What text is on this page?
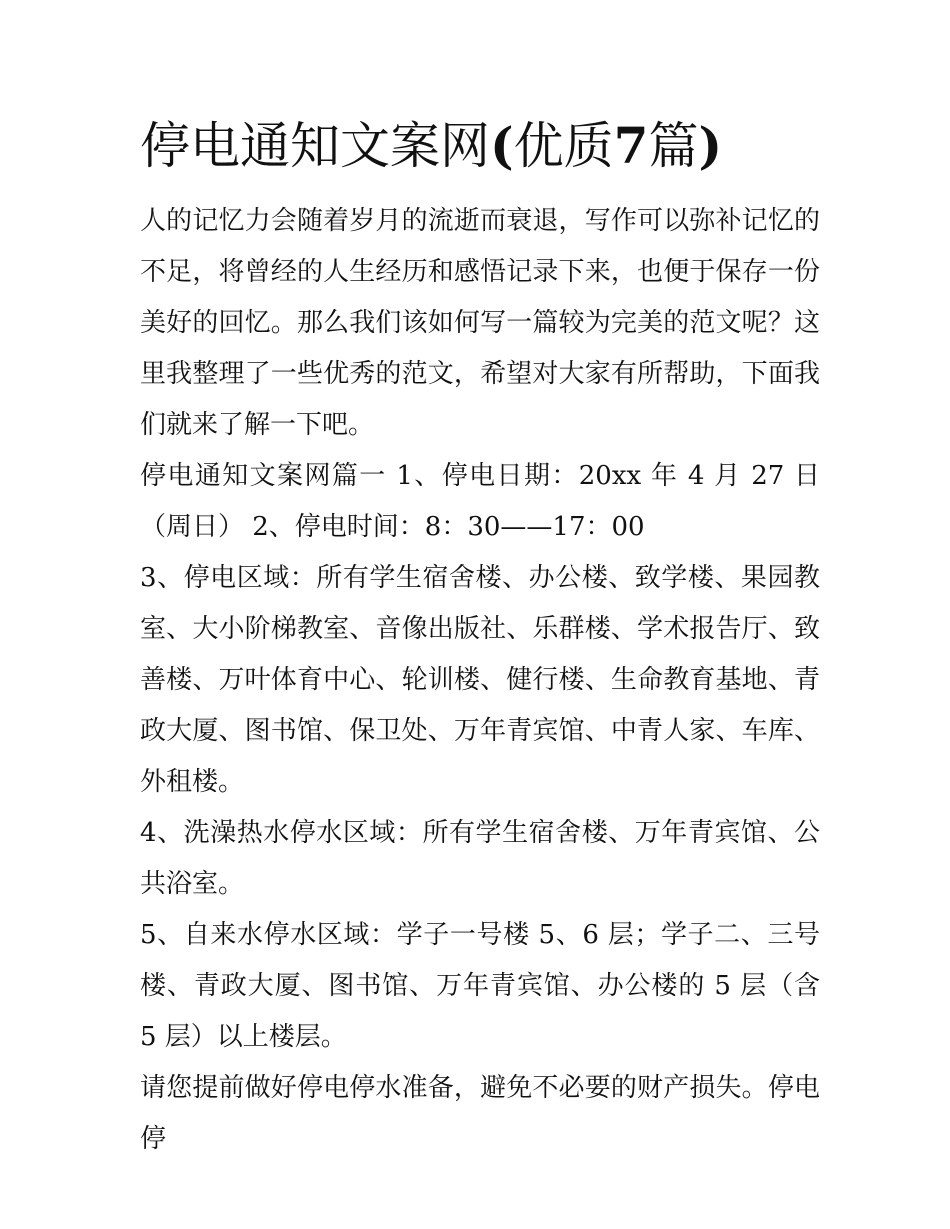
停电通知文案网(优质7篇)

人的记忆力会随着岁月的流逝而衰退，写作可以弥补记忆的不足，将曾经的人生经历和感悟记录下来，也便于保存一份美好的回忆。那么我们该如何写一篇较为完美的范文呢？这里我整理了一些优秀的范文，希望对大家有所帮助，下面我们就来了解一下吧。

停电通知文案网篇一 1、停电日期：20xx 年 4 月 27 日（周日） 2、停电时间：8：30——17：00

3、停电区域：所有学生宿舍楼、办公楼、致学楼、果园教室、大小阶梯教室、音像出版社、乐群楼、学术报告厅、致善楼、万叶体育中心、轮训楼、健行楼、生命教育基地、青政大厦、图书馆、保卫处、万年青宾馆、中青人家、车库、外租楼。

4、洗澡热水停水区域：所有学生宿舍楼、万年青宾馆、公共浴室。

5、自来水停水区域：学子一号楼 5、6 层；学子二、三号楼、青政大厦、图书馆、万年青宾馆、办公楼的 5 层（含 5 层）以上楼层。

请您提前做好停电停水准备，避免不必要的财产损失。停电停
